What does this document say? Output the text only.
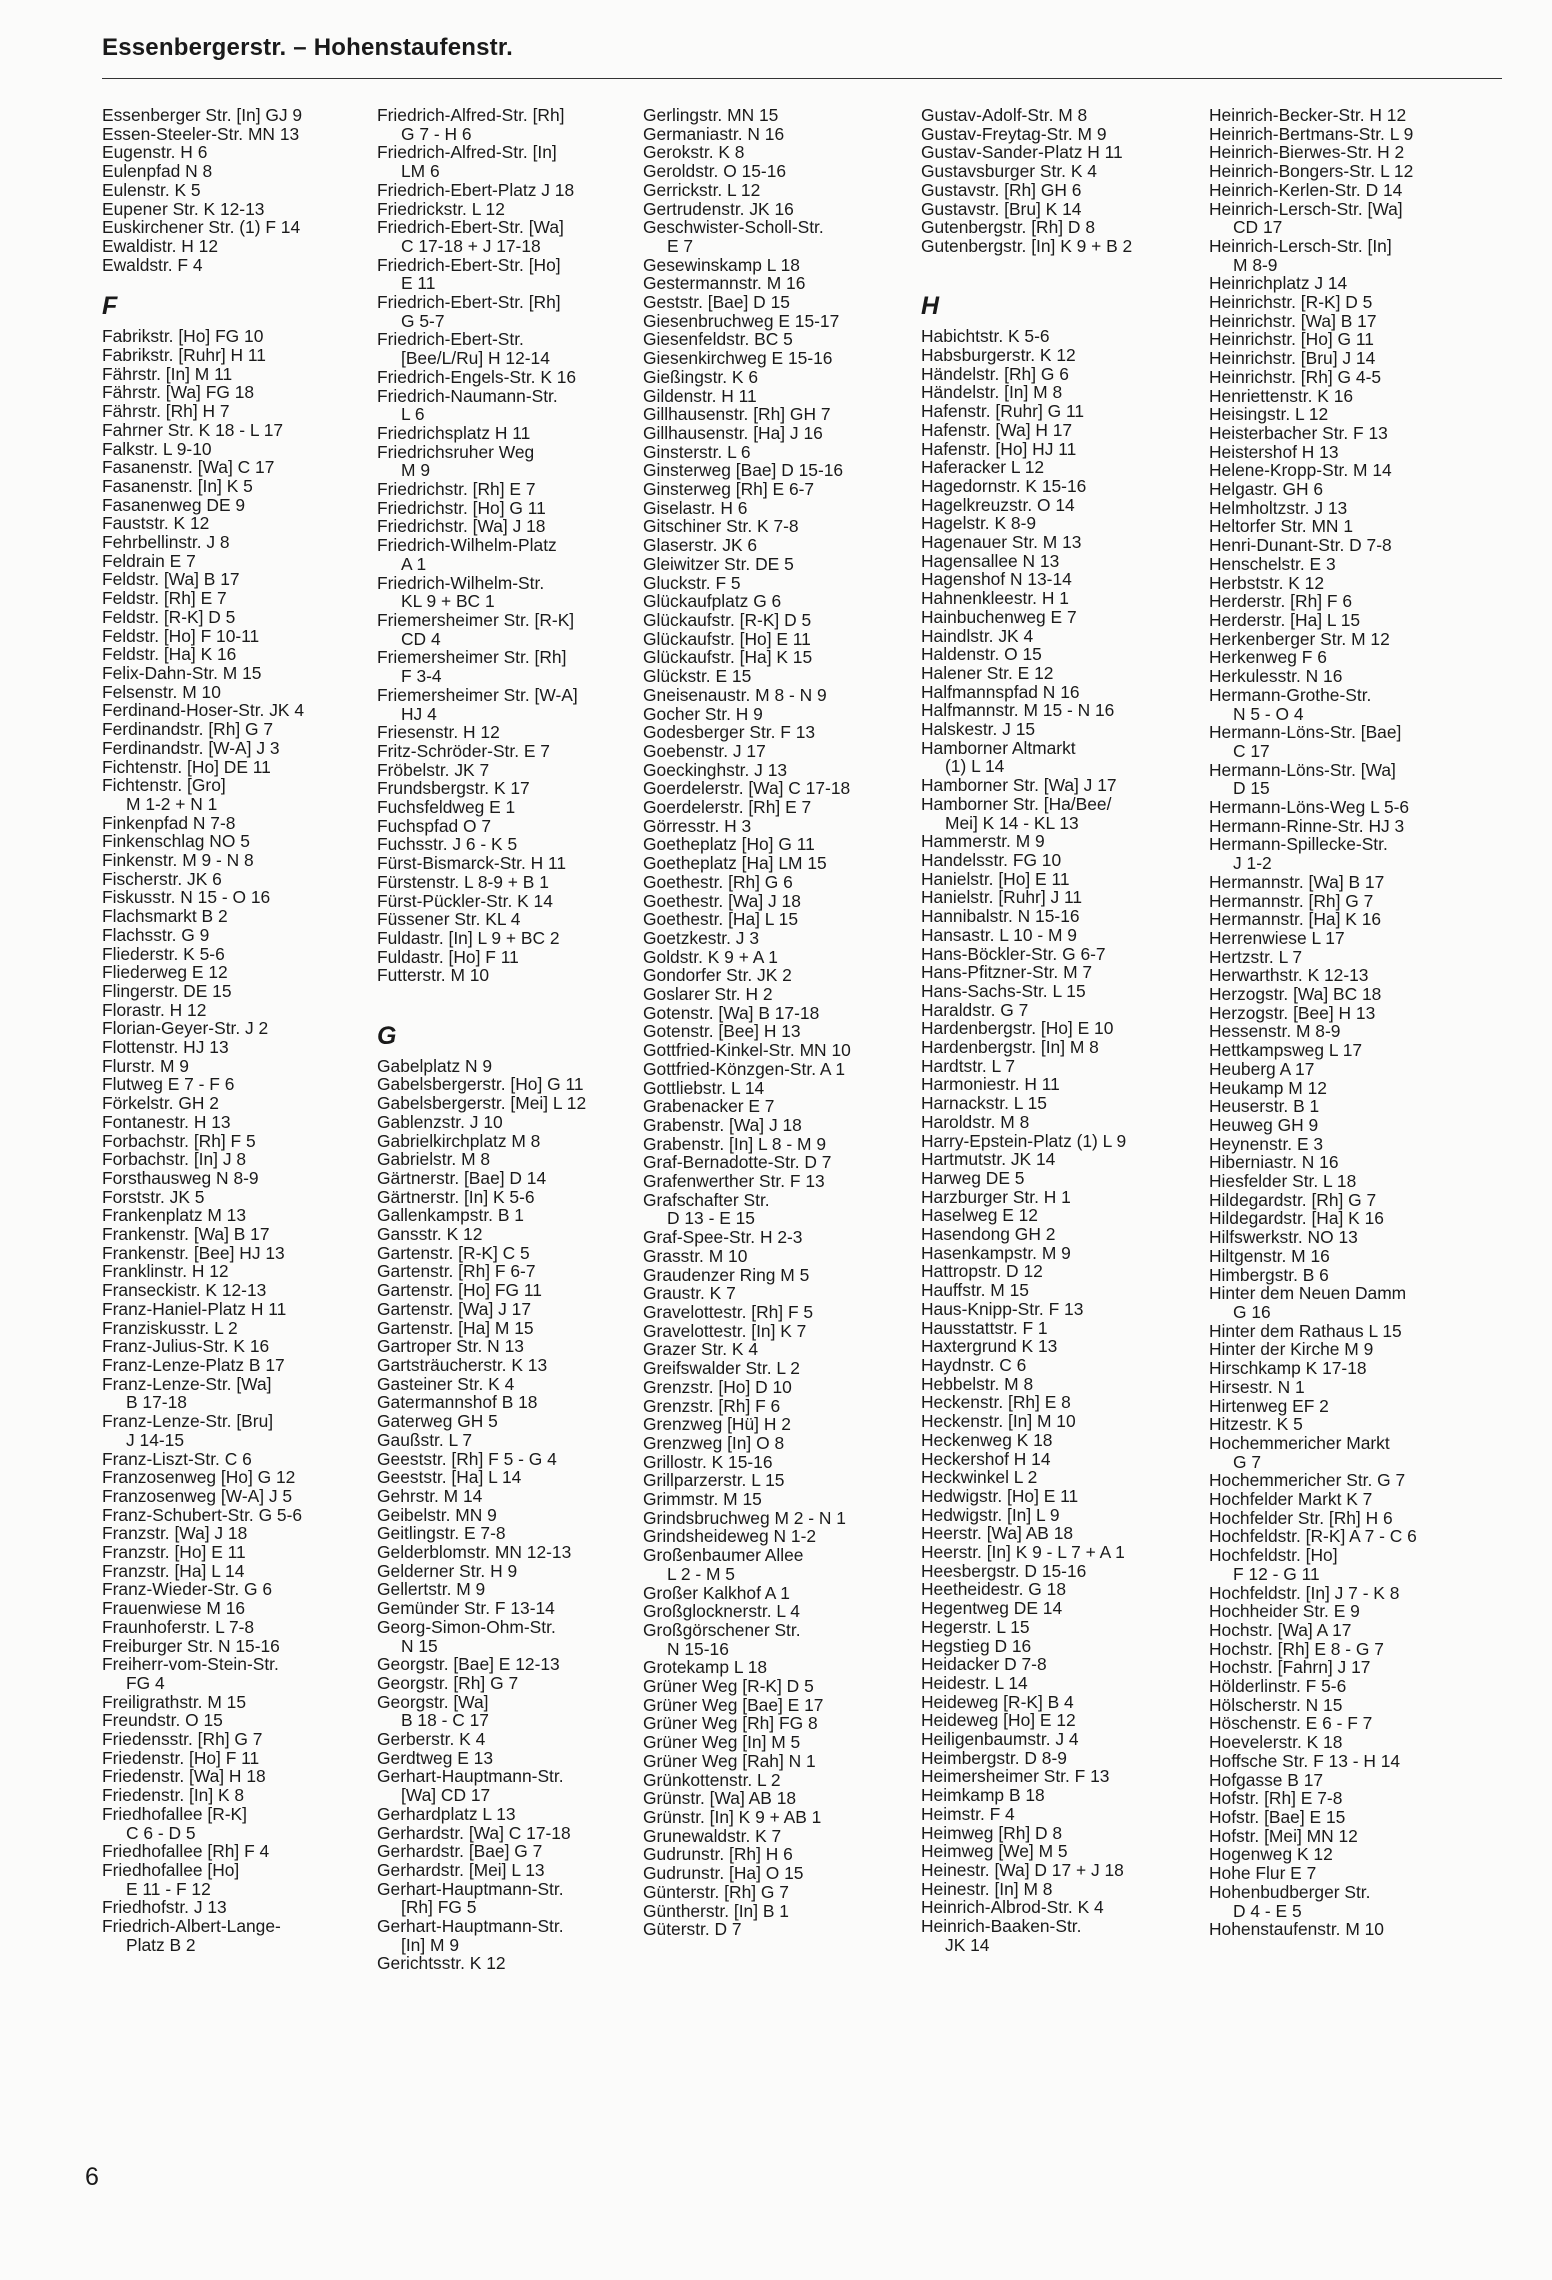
Essenbergerstr. – Hohenstaufenstr.
Essenberger Str. [In] GJ 9
Essen-Steeler-Str. MN 13
Eugenstr. H 6
Eulenpfad N 8
Eulenstr. K 5
Eupener Str. K 12-13
Euskirchener Str. (1) F 14
Ewaldistr. H 12
Ewaldstr. F 4
F
Fabrikstr. [Ho] FG 10
Fabrikstr. [Ruhr] H 11
Fährstr. [In] M 11
Fährstr. [Wa] FG 18
Fährstr. [Rh] H 7
Fahrner Str. K 18 - L 17
Falkstr. L 9-10
Fasanenstr. [Wa] C 17
Fasanenstr. [In] K 5
Fasanenweg DE 9
Fauststr. K 12
Fehrbellinstr. J 8
Feldrain E 7
Feldstr. [Wa] B 17
Feldstr. [Rh] E 7
Feldstr. [R-K] D 5
Feldstr. [Ho] F 10-11
Feldstr. [Ha] K 16
Felix-Dahn-Str. M 15
Felsenstr. M 10
Ferdinand-Hoser-Str. JK 4
Ferdinandstr. [Rh] G 7
Ferdinandstr. [W-A] J 3
Fichtenstr. [Ho] DE 11
Fichtenstr. [Gro]
M 1-2 + N 1
Finkenpfad N 7-8
Finkenschlag NO 5
Finkenstr. M 9 - N 8
Fischerstr. JK 6
Fiskusstr. N 15 - O 16
Flachsmarkt B 2
Flachsstr. G 9
Fliederstr. K 5-6
Fliederweg E 12
Flingerstr. DE 15
Florastr. H 12
Florian-Geyer-Str. J 2
Flottenstr. HJ 13
Flurstr. M 9
Flutweg E 7 - F 6
Förkelstr. GH 2
Fontanestr. H 13
Forbachstr. [Rh] F 5
Forbachstr. [In] J 8
Forsthausweg N 8-9
Forststr. JK 5
Frankenplatz M 13
Frankenstr. [Wa] B 17
Frankenstr. [Bee] HJ 13
Franklinstr. H 12
Franseckistr. K 12-13
Franz-Haniel-Platz H 11
Franziskusstr. L 2
Franz-Julius-Str. K 16
Franz-Lenze-Platz B 17
Franz-Lenze-Str. [Wa]
B 17-18
Franz-Lenze-Str. [Bru]
J 14-15
Franz-Liszt-Str. C 6
Franzosenweg [Ho] G 12
Franzosenweg [W-A] J 5
Franz-Schubert-Str. G 5-6
Franzstr. [Wa] J 18
Franzstr. [Ho] E 11
Franzstr. [Ha] L 14
Franz-Wieder-Str. G 6
Frauenwiese M 16
Fraunhoferstr. L 7-8
Freiburger Str. N 15-16
Freiherr-vom-Stein-Str.
FG 4
Freiligrathstr. M 15
Freundstr. O 15
Friedensstr. [Rh] G 7
Friedenstr. [Ho] F 11
Friedenstr. [Wa] H 18
Friedenstr. [In] K 8
Friedhofallee [R-K]
C 6 - D 5
Friedhofallee [Rh] F 4
Friedhofallee [Ho]
E 11 - F 12
Friedhofstr. J 13
Friedrich-Albert-Lange-
Platz B 2
Friedrich-Alfred-Str. [Rh]
G 7 - H 6
Friedrich-Alfred-Str. [In]
LM 6
Friedrich-Ebert-Platz J 18
Friedrickstr. L 12
Friedrich-Ebert-Str. [Wa]
C 17-18 + J 17-18
Friedrich-Ebert-Str. [Ho]
E 11
Friedrich-Ebert-Str. [Rh]
G 5-7
Friedrich-Ebert-Str.
[Bee/L/Ru] H 12-14
Friedrich-Engels-Str. K 16
Friedrich-Naumann-Str.
L 6
Friedrichsplatz H 11
Friedrichsruher Weg
M 9
Friedrichstr. [Rh] E 7
Friedrichstr. [Ho] G 11
Friedrichstr. [Wa] J 18
Friedrich-Wilhelm-Platz
A 1
Friedrich-Wilhelm-Str.
KL 9 + BC 1
Friemersheimer Str. [R-K]
CD 4
Friemersheimer Str. [Rh]
F 3-4
Friemersheimer Str. [W-A]
HJ 4
Friesenstr. H 12
Fritz-Schröder-Str. E 7
Fröbelstr. JK 7
Frundsbergstr. K 17
Fuchsfeldweg E 1
Fuchspfad O 7
Fuchsstr. J 6 - K 5
Fürst-Bismarck-Str. H 11
Fürstenstr. L 8-9 + B 1
Fürst-Pückler-Str. K 14
Füssener Str. KL 4
Fuldastr. [In] L 9 + BC 2
Fuldastr. [Ho] F 11
Futterstr. M 10
G
Gabelplatz N 9
Gabelsbergerstr. [Ho] G 11
Gabelsbergerstr. [Mei] L 12
Gablenzstr. J 10
Gabrielkirchplatz M 8
Gabrielstr. M 8
Gärtnerstr. [Bae] D 14
Gärtnerstr. [In] K 5-6
Gallenkampstr. B 1
Gansstr. K 12
Gartenstr. [R-K] C 5
Gartenstr. [Rh] F 6-7
Gartenstr. [Ho] FG 11
Gartenstr. [Wa] J 17
Gartenstr. [Ha] M 15
Gartroper Str. N 13
Gartsträucherstr. K 13
Gasteiner Str. K 4
Gatermannshof B 18
Gaterweg GH 5
Gaußstr. L 7
Geeststr. [Rh] F 5 - G 4
Geeststr. [Ha] L 14
Gehrstr. M 14
Geibelstr. MN 9
Geitlingstr. E 7-8
Gelderblomstr. MN 12-13
Gelderner Str. H 9
Gellertstr. M 9
Gemünder Str. F 13-14
Georg-Simon-Ohm-Str.
N 15
Georgstr. [Bae] E 12-13
Georgstr. [Rh] G 7
Georgstr. [Wa]
B 18 - C 17
Gerberstr. K 4
Gerdtweg E 13
Gerhart-Hauptmann-Str.
[Wa] CD 17
Gerhardplatz L 13
Gerhardstr. [Wa] C 17-18
Gerhardstr. [Bae] G 7
Gerhardstr. [Mei] L 13
Gerhart-Hauptmann-Str.
[Rh] FG 5
Gerhart-Hauptmann-Str.
[In] M 9
Gerichtsstr. K 12
Gerlingstr. MN 15
Germaniastr. N 16
Gerokstr. K 8
Geroldstr. O 15-16
Gerrickstr. L 12
Gertrudenstr. JK 16
Geschwister-Scholl-Str.
E 7
Gesewinskamp L 18
Gestermannstr. M 16
Geststr. [Bae] D 15
Giesenbruchweg E 15-17
Giesenfeldstr. BC 5
Giesenkirchweg E 15-16
Gießingstr. K 6
Gildenstr. H 11
Gillhausenstr. [Rh] GH 7
Gillhausenstr. [Ha] J 16
Ginsterstr. L 6
Ginsterweg [Bae] D 15-16
Ginsterweg [Rh] E 6-7
Giselastr. H 6
Gitschiner Str. K 7-8
Glaserstr. JK 6
Gleiwitzer Str. DE 5
Gluckstr. F 5
Glückaufplatz G 6
Glückaufstr. [R-K] D 5
Glückaufstr. [Ho] E 11
Glückaufstr. [Ha] K 15
Glückstr. E 15
Gneisenaustr. M 8 - N 9
Gocher Str. H 9
Godesberger Str. F 13
Goebenstr. J 17
Goeckinghstr. J 13
Goerdelerstr. [Wa] C 17-18
Goerdelerstr. [Rh] E 7
Görresstr. H 3
Goetheplatz [Ho] G 11
Goetheplatz [Ha] LM 15
Goethestr. [Rh] G 6
Goethestr. [Wa] J 18
Goethestr. [Ha] L 15
Goetzkestr. J 3
Goldstr. K 9 + A 1
Gondorfer Str. JK 2
Goslarer Str. H 2
Gotenstr. [Wa] B 17-18
Gotenstr. [Bee] H 13
Gottfried-Kinkel-Str. MN 10
Gottfried-Könzgen-Str. A 1
Gottliebstr. L 14
Grabenacker E 7
Grabenstr. [Wa] J 18
Grabenstr. [In] L 8 - M 9
Graf-Bernadotte-Str. D 7
Grafenwerther Str. F 13
Grafschafter Str.
D 13 - E 15
Graf-Spee-Str. H 2-3
Grasstr. M 10
Graudenzer Ring M 5
Graustr. K 7
Gravelottestr. [Rh] F 5
Gravelottestr. [In] K 7
Grazer Str. K 4
Greifswalder Str. L 2
Grenzstr. [Ho] D 10
Grenzstr. [Rh] F 6
Grenzweg [Hü] H 2
Grenzweg [In] O 8
Grillostr. K 15-16
Grillparzerstr. L 15
Grimmstr. M 15
Grindsbruchweg M 2 - N 1
Grindsheideweg N 1-2
Großenbaumer Allee
L 2 - M 5
Großer Kalkhof A 1
Großglocknerstr. L 4
Großgörschener Str.
N 15-16
Grotekamp L 18
Grüner Weg [R-K] D 5
Grüner Weg [Bae] E 17
Grüner Weg [Rh] FG 8
Grüner Weg [In] M 5
Grüner Weg [Rah] N 1
Grünkottenstr. L 2
Grünstr. [Wa] AB 18
Grünstr. [In] K 9 + AB 1
Grunewaldstr. K 7
Gudrunstr. [Rh] H 6
Gudrunstr. [Ha] O 15
Günterstr. [Rh] G 7
Güntherstr. [In] B 1
Güterstr. D 7
Gustav-Adolf-Str. M 8
Gustav-Freytag-Str. M 9
Gustav-Sander-Platz H 11
Gustavsburger Str. K 4
Gustavstr. [Rh] GH 6
Gustavstr. [Bru] K 14
Gutenbergstr. [Rh] D 8
Gutenbergstr. [In] K 9 + B 2
H
Habichtstr. K 5-6
Habsburgerstr. K 12
Händelstr. [Rh] G 6
Händelstr. [In] M 8
Hafenstr. [Ruhr] G 11
Hafenstr. [Wa] H 17
Hafenstr. [Ho] HJ 11
Haferacker L 12
Hagedornstr. K 15-16
Hagelkreuzstr. O 14
Hagelstr. K 8-9
Hagenauer Str. M 13
Hagensallee N 13
Hagenshof N 13-14
Hahnenkleestr. H 1
Hainbuchenweg E 7
Haindlstr. JK 4
Haldenstr. O 15
Halener Str. E 12
Halfmannspfad N 16
Halfmannstr. M 15 - N 16
Halskestr. J 15
Hamborner Altmarkt
(1) L 14
Hamborner Str. [Wa] J 17
Hamborner Str. [Ha/Bee/
Mei] K 14 - KL 13
Hammerstr. M 9
Handelsstr. FG 10
Hanielstr. [Ho] E 11
Hanielstr. [Ruhr] J 11
Hannibalstr. N 15-16
Hansastr. L 10 - M 9
Hans-Böckler-Str. G 6-7
Hans-Pfitzner-Str. M 7
Hans-Sachs-Str. L 15
Haraldstr. G 7
Hardenbergstr. [Ho] E 10
Hardenbergstr. [In] M 8
Hardtstr. L 7
Harmoniestr. H 11
Harnackstr. L 15
Haroldstr. M 8
Harry-Epstein-Platz (1) L 9
Hartmutstr. JK 14
Harweg DE 5
Harzburger Str. H 1
Haselweg E 12
Hasendong GH 2
Hasenkampstr. M 9
Hattropstr. D 12
Hauffstr. M 15
Haus-Knipp-Str. F 13
Hausstattstr. F 1
Haxtergrund K 13
Haydnstr. C 6
Hebbelstr. M 8
Heckenstr. [Rh] E 8
Heckenstr. [In] M 10
Heckenweg K 18
Heckershof H 14
Heckwinkel L 2
Hedwigstr. [Ho] E 11
Hedwigstr. [In] L 9
Heerstr. [Wa] AB 18
Heerstr. [In] K 9 - L 7 + A 1
Heesbergstr. D 15-16
Heetheidestr. G 18
Hegentweg DE 14
Hegerstr. L 15
Hegstieg D 16
Heidacker D 7-8
Heidestr. L 14
Heideweg [R-K] B 4
Heideweg [Ho] E 12
Heiligenbaumstr. J 4
Heimbergstr. D 8-9
Heimersheimer Str. F 13
Heimkamp B 18
Heimstr. F 4
Heimweg [Rh] D 8
Heimweg [We] M 5
Heinestr. [Wa] D 17 + J 18
Heinestr. [In] M 8
Heinrich-Albrod-Str. K 4
Heinrich-Baaken-Str.
JK 14
Heinrich-Becker-Str. H 12
Heinrich-Bertmans-Str. L 9
Heinrich-Bierwes-Str. H 2
Heinrich-Bongers-Str. L 12
Heinrich-Kerlen-Str. D 14
Heinrich-Lersch-Str. [Wa]
CD 17
Heinrich-Lersch-Str. [In]
M 8-9
Heinrichplatz J 14
Heinrichstr. [R-K] D 5
Heinrichstr. [Wa] B 17
Heinrichstr. [Ho] G 11
Heinrichstr. [Bru] J 14
Heinrichstr. [Rh] G 4-5
Henriettenstr. K 16
Heisingstr. L 12
Heisterbacher Str. F 13
Heistershof H 13
Helene-Kropp-Str. M 14
Helgastr. GH 6
Helmholtzstr. J 13
Heltorfer Str. MN 1
Henri-Dunant-Str. D 7-8
Henschelstr. E 3
Herbststr. K 12
Herderstr. [Rh] F 6
Herderstr. [Ha] L 15
Herkenberger Str. M 12
Herkenweg F 6
Herkulesstr. N 16
Hermann-Grothe-Str.
N 5 - O 4
Hermann-Löns-Str. [Bae]
C 17
Hermann-Löns-Str. [Wa]
D 15
Hermann-Löns-Weg L 5-6
Hermann-Rinne-Str. HJ 3
Hermann-Spillecke-Str.
J 1-2
Hermannstr. [Wa] B 17
Hermannstr. [Rh] G 7
Hermannstr. [Ha] K 16
Herrenwiese L 17
Hertzstr. L 7
Herwarthstr. K 12-13
Herzogstr. [Wa] BC 18
Herzogstr. [Bee] H 13
Hessenstr. M 8-9
Hettkampsweg L 17
Heuberg A 17
Heukamp M 12
Heuserstr. B 1
Heuweg GH 9
Heynenstr. E 3
Hiberniastr. N 16
Hiesfelder Str. L 18
Hildegardstr. [Rh] G 7
Hildegardstr. [Ha] K 16
Hilfswerkstr. NO 13
Hiltgenstr. M 16
Himbergstr. B 6
Hinter dem Neuen Damm
G 16
Hinter dem Rathaus L 15
Hinter der Kirche M 9
Hirschkamp K 17-18
Hirsestr. N 1
Hirtenweg EF 2
Hitzestr. K 5
Hochemmericher Markt
G 7
Hochemmericher Str. G 7
Hochfelder Markt K 7
Hochfelder Str. [Rh] H 6
Hochfeldstr. [R-K] A 7 - C 6
Hochfeldstr. [Ho]
F 12 - G 11
Hochfeldstr. [In] J 7 - K 8
Hochheider Str. E 9
Hochstr. [Wa] A 17
Hochstr. [Rh] E 8 - G 7
Hochstr. [Fahrn] J 17
Hölderlinstr. F 5-6
Hölscherstr. N 15
Höschenstr. E 6 - F 7
Hoevelerstr. K 18
Hoffsche Str. F 13 - H 14
Hofgasse B 17
Hofstr. [Rh] E 7-8
Hofstr. [Bae] E 15
Hofstr. [Mei] MN 12
Hogenweg K 12
Hohe Flur E 7
Hohenbudberger Str.
D 4 - E 5
Hohenstaufenstr. M 10
6
